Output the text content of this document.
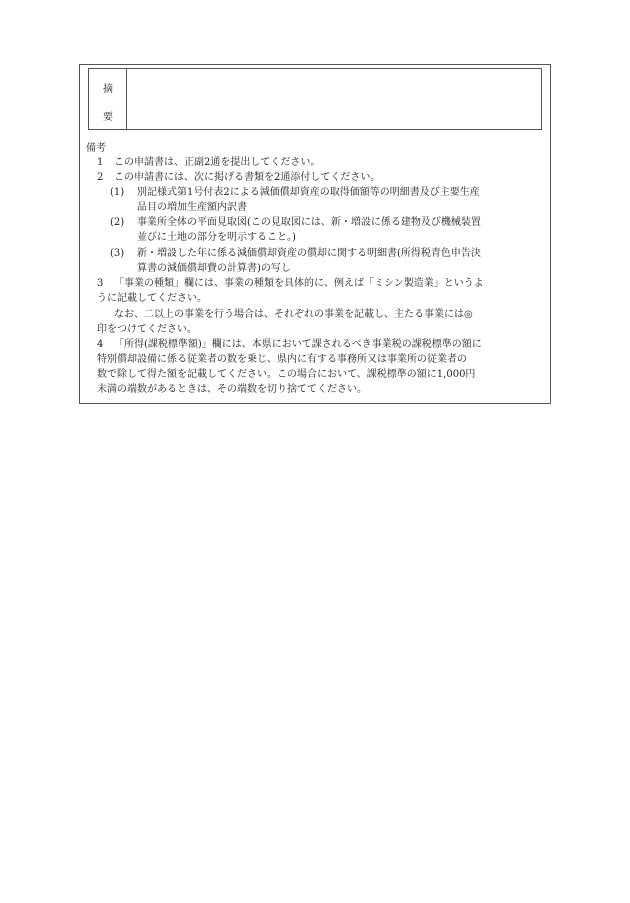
摘
要
備考
1 この申請書は、正副2通を提出してください。
2 この申請書には、次に掲げる書類を2通添付してください。
(1) 別記様式第1号付表2による減価償却資産の取得価額等の明細書及び主要生産
品目の増加生産額内訳書
(2) 事業所全体の平面見取図(この見取図には、新・増設に係る建物及び機械装置
並びに土地の部分を明示すること。)
(3) 新・増設した年に係る減価償却資産の償却に関する明細書(所得税青色申告決
算書の減価償却費の計算書)の写し
3 「事業の種類」欄には、事業の種類を具体的に、例えば「ミシン製造業」というよ
うに記載してください。
なお、二以上の事業を行う場合は、それぞれの事業を記載し、主たる事業には◎
印をつけてください。
4 「所得(課税標準額)」欄には、本県において課されるべき事業税の課税標準の額に
特別償却設備に係る従業者の数を乗じ、県内に有する事務所又は事業所の従業者の
数で除して得た額を記載してください。この場合において、課税標準の額に1,000円
未満の端数があるときは、その端数を切り捨ててください。
